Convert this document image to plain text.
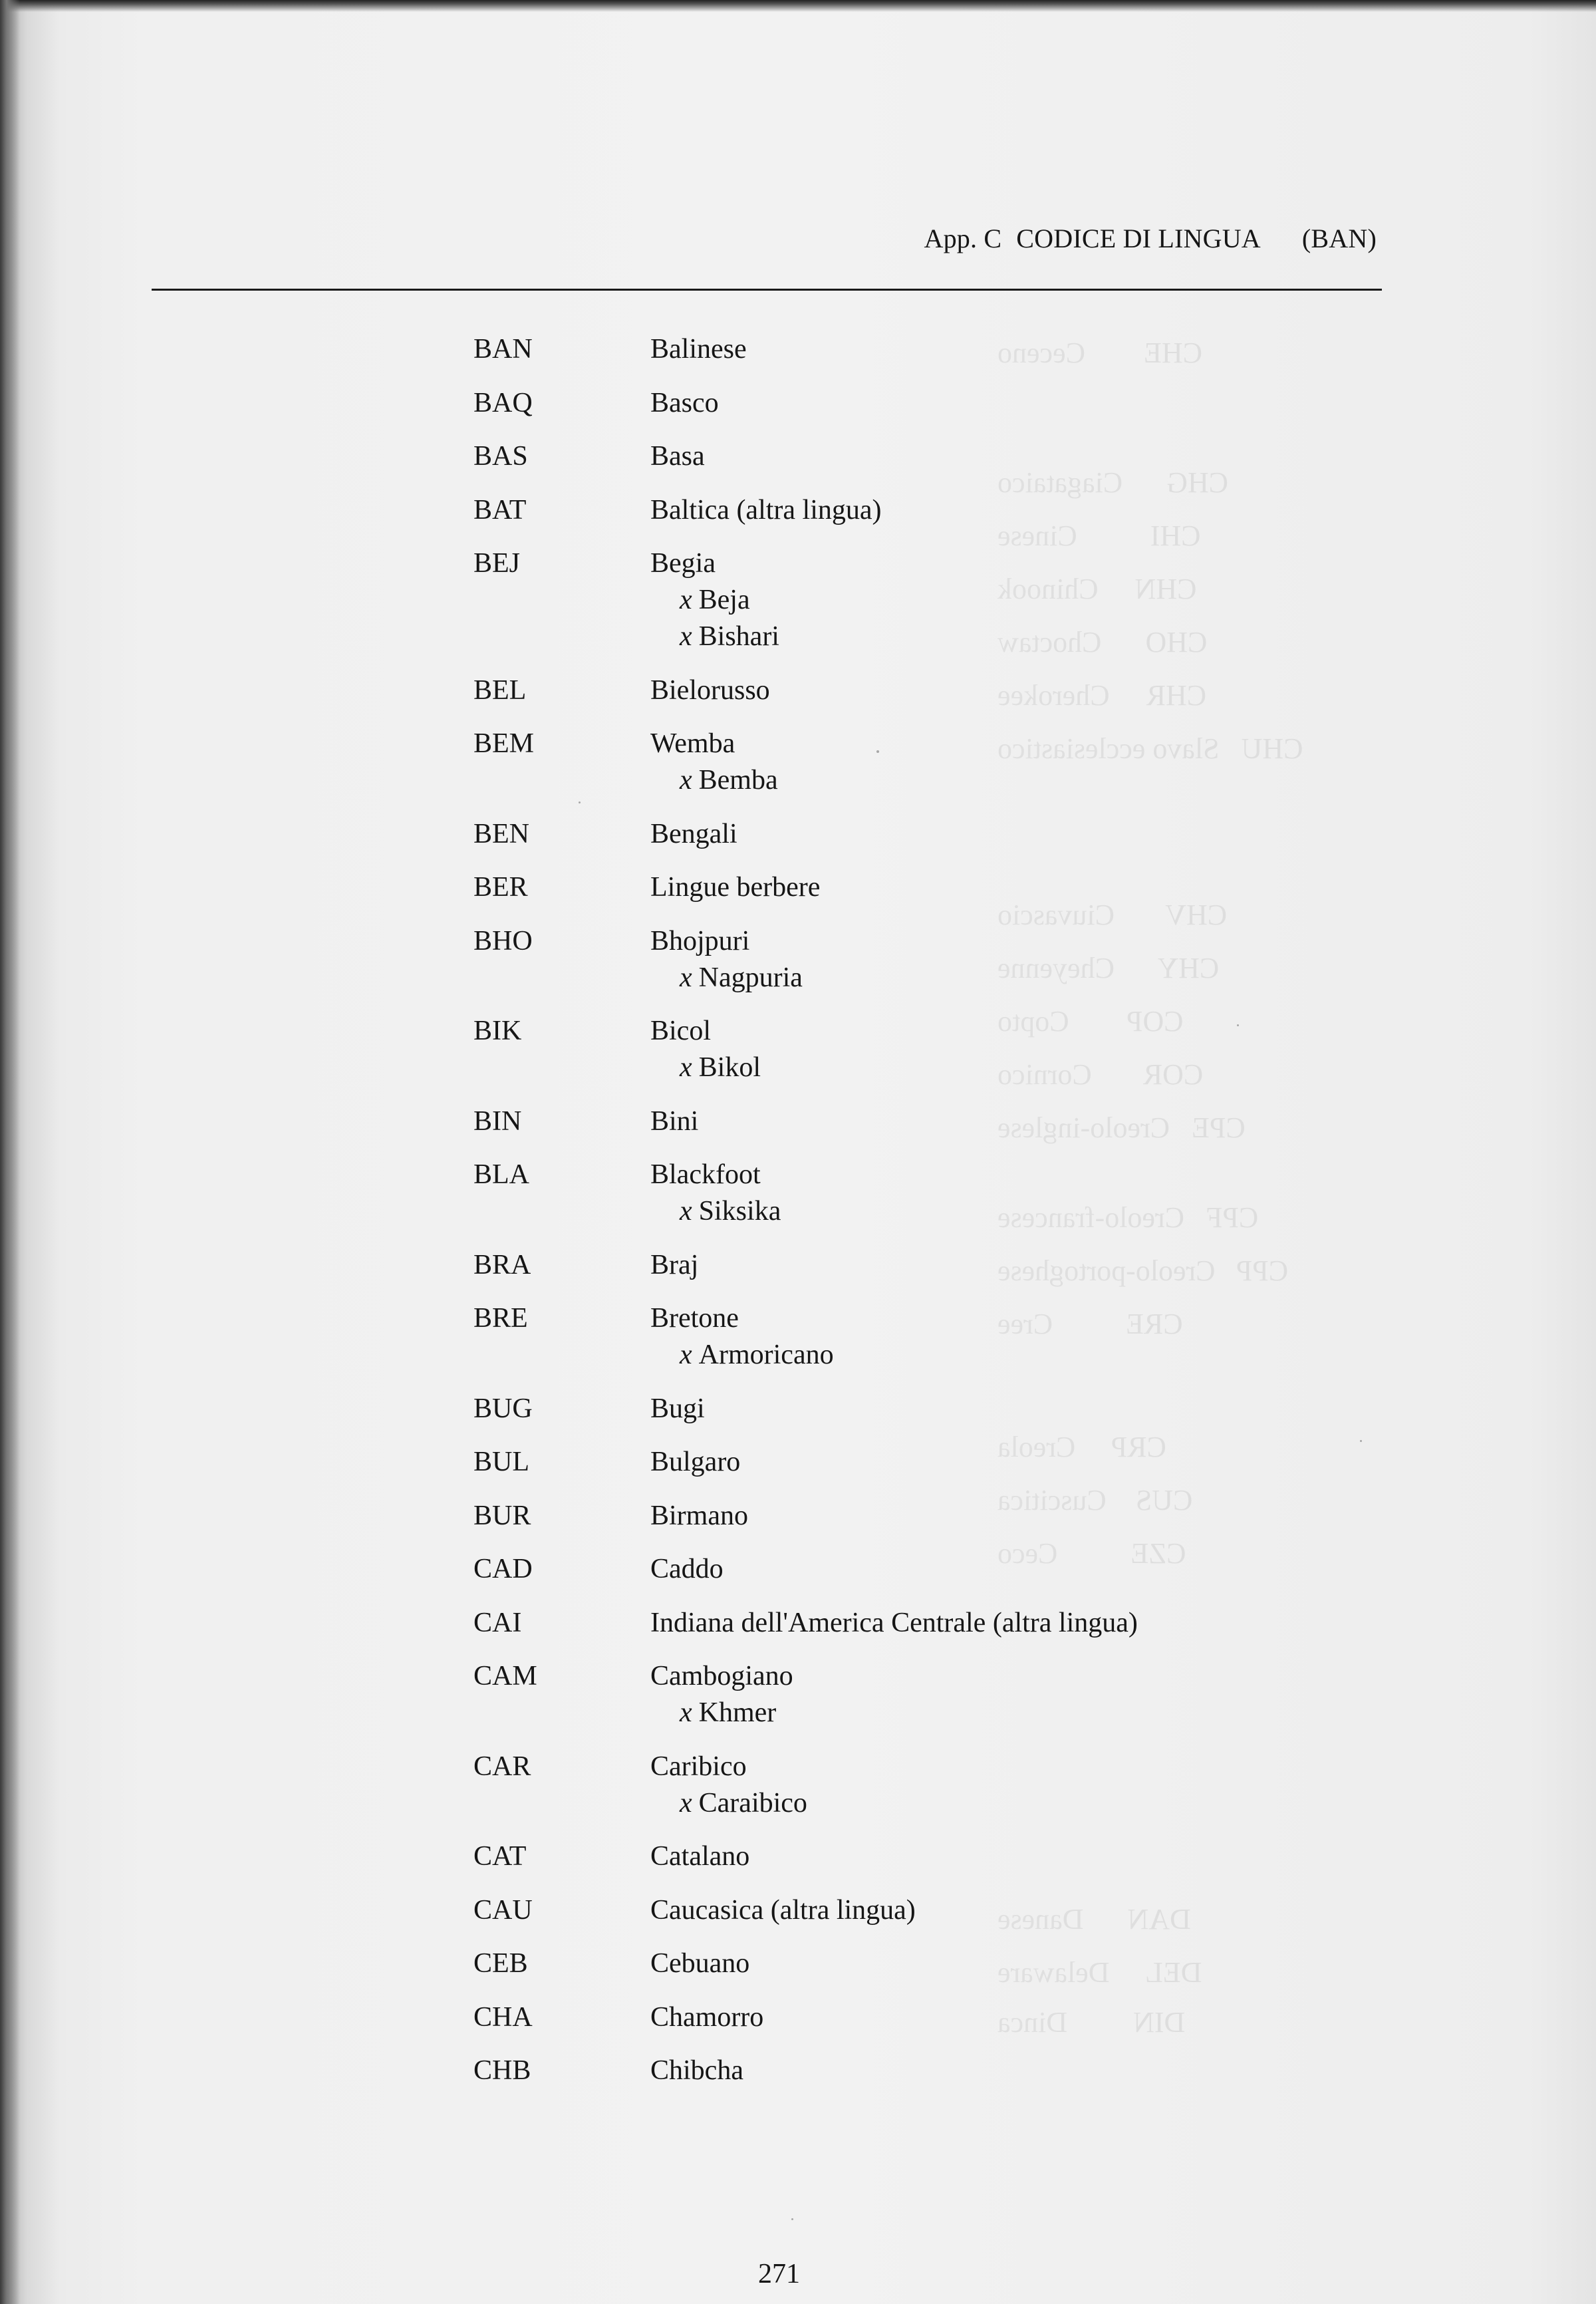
CHE        Ceceno
CHG      Ciagataico
CHI          Cinese
CHN     Chinook
CHO      Choctaw
CHR     Cherokee
CHU   Slavo ecclesiastico
CHV       Ciuvascio
CHY      Cheyenne
COP        Copto
COR       Cornico
CPE   Creolo-inglese
CPF   Creolo-francese
CPP   Creolo-portoghese
CRE          Cree
CRP     Creola
CUS    Cuscitica
CZE          Ceco
DAN      Danese
DEL     Delaware
DIN         Dinca
App. C CODICE DI LINGUA (BAN)
BAN	Balinese
BAQ	Basco
BAS	Basa
BAT	Baltica (altra lingua)
BEJ	Begia
x Beja
x Bishari
BEL	Bielorusso
BEM	Wemba
x Bemba
BEN	Bengali
BER	Lingue berbere
BHO	Bhojpuri
x Nagpuria
BIK	Bicol
x Bikol
BIN	Bini
BLA	Blackfoot
x Siksika
BRA	Braj
BRE	Bretone
x Armoricano
BUG	Bugi
BUL	Bulgaro
BUR	Birmano
CAD	Caddo
CAI	Indiana dell'America Centrale (altra lingua)
CAM	Cambogiano
x Khmer
CAR	Caribico
x Caraibico
CAT	Catalano
CAU	Caucasica (altra lingua)
CEB	Cebuano
CHA	Chamorro
CHB	Chibcha
271
